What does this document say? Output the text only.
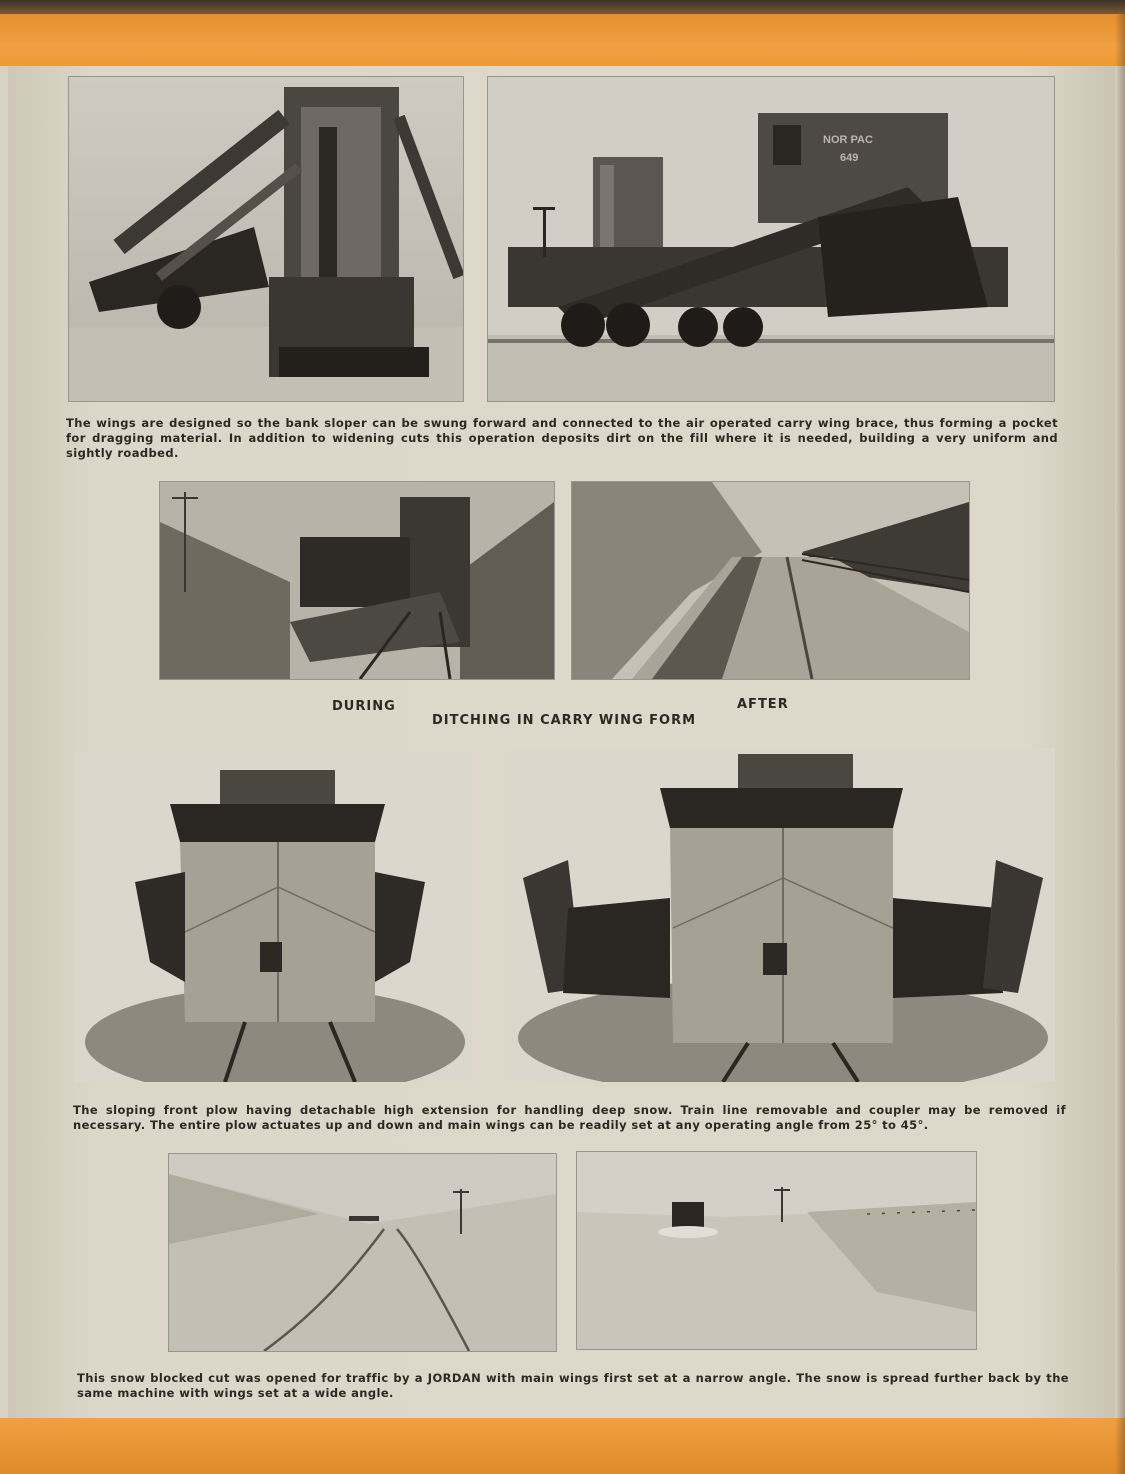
NOR PAC
649
The wings are designed so the bank sloper can be swung forward and connected to the air operated carry wing brace, thus forming a pocket for dragging material. In addition to widening cuts this operation deposits dirt on the fill where it is needed, building a very uniform and sightly roadbed.
DURING	AFTER
DITCHING IN CARRY WING FORM
The sloping front plow having detachable high extension for handling deep snow. Train line removable and coupler may be removed if necessary. The entire plow actuates up and down and main wings can be readily set at any operating angle from 25° to 45°.
This snow blocked cut was opened for traffic by a JORDAN with main wings first set at a narrow angle. The snow is spread further back by the same machine with wings set at a wide angle.
